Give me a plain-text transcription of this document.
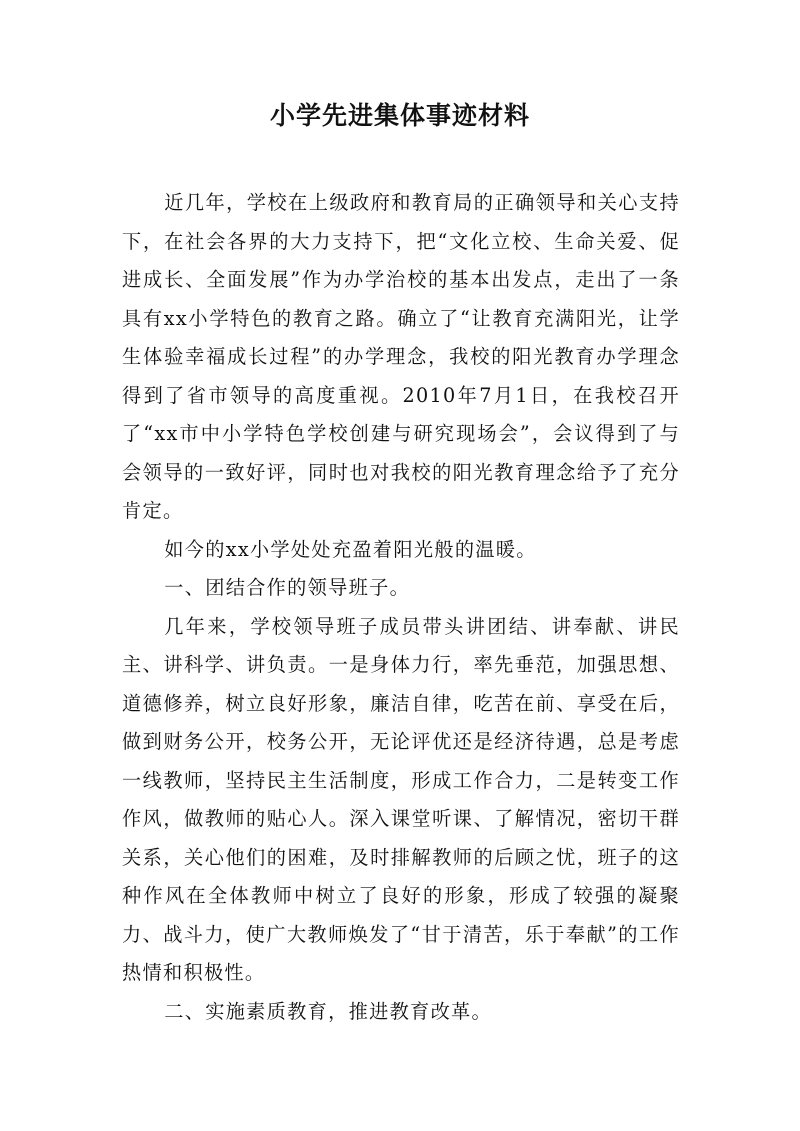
小学先进集体事迹材料

近几年，学校在上级政府和教育局的正确领导和关心支持下，在社会各界的大力支持下，把“文化立校、生命关爱、促进成长、全面发展”作为办学治校的基本出发点，走出了一条具有xx小学特色的教育之路。确立了“让教育充满阳光，让学生体验幸福成长过程”的办学理念，我校的阳光教育办学理念得到了省市领导的高度重视。2010年7月1日，在我校召开了“xx市中小学特色学校创建与研究现场会”，会议得到了与会领导的一致好评，同时也对我校的阳光教育理念给予了充分肯定。

如今的xx小学处处充盈着阳光般的温暖。

一、团结合作的领导班子。

几年来，学校领导班子成员带头讲团结、讲奉献、讲民主、讲科学、讲负责。一是身体力行，率先垂范，加强思想、道德修养，树立良好形象，廉洁自律，吃苦在前、享受在后，做到财务公开，校务公开，无论评优还是经济待遇，总是考虑一线教师，坚持民主生活制度，形成工作合力，二是转变工作作风，做教师的贴心人。深入课堂听课、了解情况，密切干群关系，关心他们的困难，及时排解教师的后顾之忧，班子的这种作风在全体教师中树立了良好的形象，形成了较强的凝聚力、战斗力，使广大教师焕发了“甘于清苦，乐于奉献”的工作热情和积极性。

二、实施素质教育，推进教育改革。
